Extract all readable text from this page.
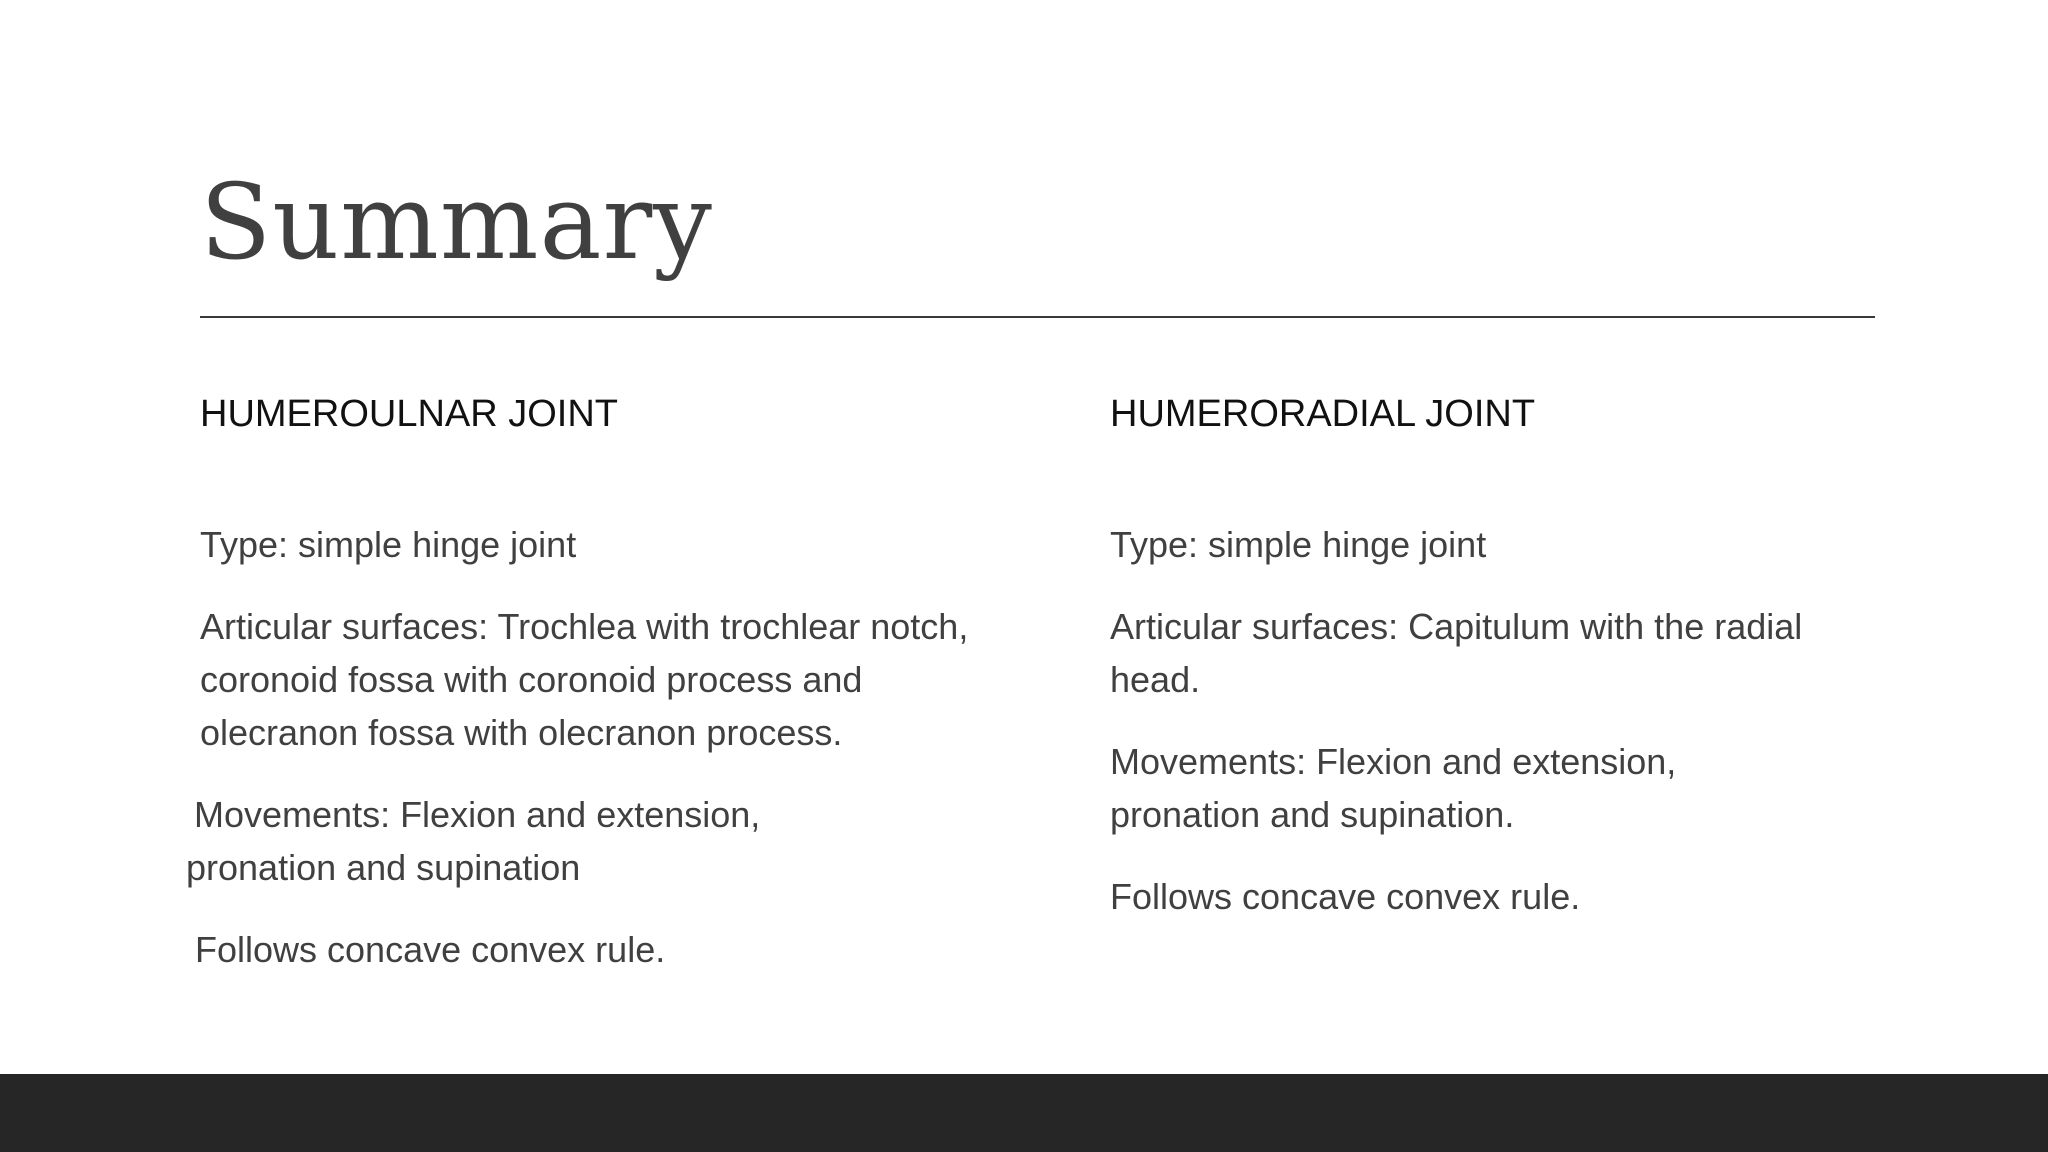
Summary
HUMEROULNAR JOINT

Type: simple hinge joint

Articular surfaces: Trochlea with trochlear notch, coronoid fossa with coronoid process and olecranon fossa with olecranon process.

Movements: Flexion and extension, pronation and supination

Follows concave convex rule.

HUMERORADIAL JOINT

Type: simple hinge joint

Articular surfaces: Capitulum with the radial head.

Movements: Flexion and extension, pronation and supination.

Follows concave convex rule.
